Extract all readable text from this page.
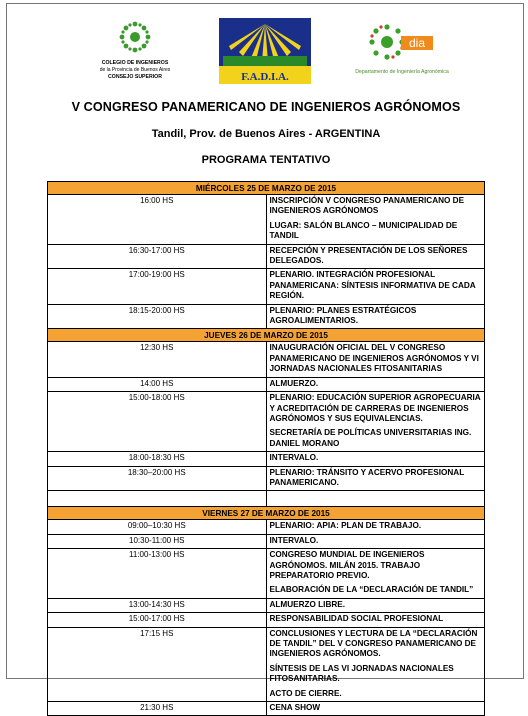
COLEGIO DE INGENIEROS
de la Provincia de Buenos Aires
CONSEJO SUPERIOR	F.A.D.I.A.
dia
Departamento de Ingeniería Agronómica
V CONGRESO PANAMERICANO DE INGENIEROS AGRÓNOMOS

Tandil, Prov. de Buenos Aires - ARGENTINA

PROGRAMA TENTATIVO

MIÉRCOLES 25 DE MARZO DE 2015	
16:00 HS	INSCRIPCIÓN V CONGRESO PANAMERICANO DE INGENIEROS AGRÓNOMOS

LUGAR: SALÓN BLANCO – MUNICIPALIDAD DE TANDIL

16:30-17:00 HS	RECEPCIÓN Y PRESENTACIÓN DE LOS SEÑORES DELEGADOS.

17:00-19:00 HS	PLENARIO. INTEGRACIÓN PROFESIONAL PANAMERICANA: SÍNTESIS INFORMATIVA DE CADA REGIÓN.

18:15-20:00 HS	PLENARIO: PLANES ESTRATÉGICOS AGROALIMENTARIOS.

JUEVES 26 DE MARZO DE 2015	
12:30 HS	INAUGURACIÓN OFICIAL DEL V CONGRESO PANAMERICANO DE INGENIEROS AGRÓNOMOS Y VI JORNADAS NACIONALES FITOSANITARIAS

14:00 HS	ALMUERZO.

15:00-18:00 HS	PLENARIO: EDUCACIÓN SUPERIOR AGROPECUARIA Y ACREDITACIÓN DE CARRERAS DE INGENIEROS AGRÓNOMOS Y SUS EQUIVALENCIAS.

SECRETARÍA DE POLÍTICAS UNIVERSITARIAS ING. DANIEL MORANO

18:00-18:30 HS	INTERVALO.

18:30–20:00 HS	PLENARIO: TRÁNSITO Y ACERVO PROFESIONAL PANAMERICANO.

VIERNES 27 DE MARZO DE 2015	
09:00–10:30 HS	PLENARIO: APIA: PLAN DE TRABAJO.

10:30-11:00 HS	INTERVALO.

11:00-13:00 HS	CONGRESO MUNDIAL DE INGENIEROS AGRÓNOMOS. MILÁN 2015. TRABAJO PREPARATORIO PREVIO.

ELABORACIÓN DE LA “DECLARACIÓN DE TANDIL”

13:00-14:30 HS	ALMUERZO LIBRE.

15:00-17:00 HS	RESPONSABILIDAD SOCIAL PROFESIONAL

17:15 HS	CONCLUSIONES Y LECTURA DE LA “DECLARACIÓN DE TANDIL” DEL V CONGRESO PANAMERICANO DE INGENIEROS AGRÓNOMOS.

SÍNTESIS DE LAS VI JORNADAS NACIONALES FITOSANITARIAS.

ACTO DE CIERRE.

21:30 HS	CENA SHOW
